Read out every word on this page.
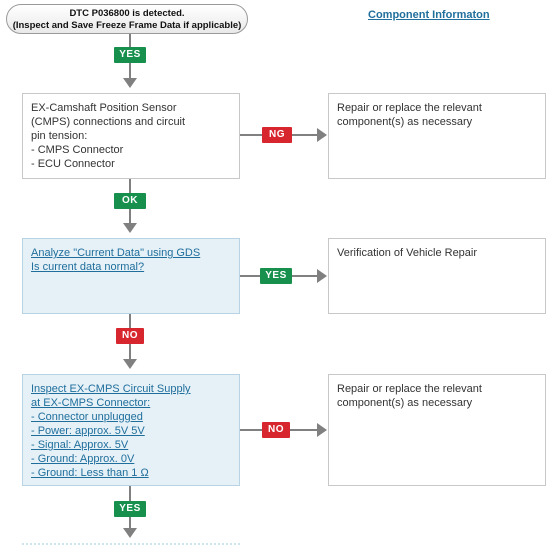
DTC P036800 is detected.
(Inspect and Save Freeze Frame Data if applicable)
Component Informaton
YES
EX-Camshaft Position Sensor
(CMPS) connections and circuit
pin tension:
- CMPS Connector
- ECU Connector
NG
Repair or replace the relevant
component(s) as necessary
OK
Analyze "Current Data" using GDS
Is current data normal?
YES
Verification of Vehicle Repair
NO
Inspect EX-CMPS Circuit Supply
at EX-CMPS Connector:
- Connector unplugged
- Power: approx. 5V 5V
- Signal: Approx. 5V
- Ground: Approx. 0V
- Ground: Less than 1 Ω
NO
Repair or replace the relevant
component(s) as necessary
YES
